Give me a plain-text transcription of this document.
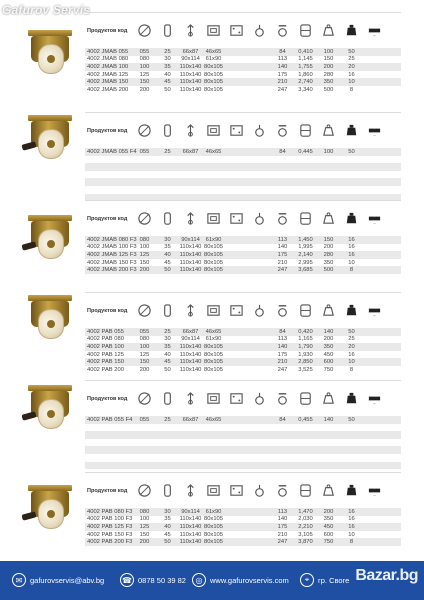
Gafurov Servis
Продуктов код
—
4002 JMAB 055	055	25	66x87	46x65	84	0,410	100	50
4002 JMAB 080	080	30	90x114 61x90	113	1,145	150	25
4002 JMAB 100	100	35	110x140 80x105	140	1,755	200	20
4002 JMAB 125	125	40	110x140 80x105	175	1,860	280	16
4002 JMAB 150	150	45	110x140 80x105	210	2,740	350	10
4002 JMAB 200	200	50	110x140 80x105	247	3,340	500	8
Продуктов код
—
4002 JMAB 055 F4 055	25	66x87	46x65	84	0,445	100	50
Продуктов код
—
4002 JMAB 080 F3 080	30	90x114 61x90	113	1,450	150	16
4002 JMAB 100 F3 100	35	110x140 80x105	140	1,995	200	16
4002 JMAB 125 F3 125	40	110x140 80x105	175	2,140	280	16
4002 JMAB 150 F3 150	45	110x140 80x105	210	2,995	350	10
4002 JMAB 200 F3 200	50	110x140 80x105	247	3,685	500	8
Продуктов код
—
4002 PAB 055	055	25	66x87	46x65	84	0,420	140	50
4002 PAB 080	080	30	90x114 61x90	113	1,165	200	25
4002 PAB 100	100	35	110x140 80x105	140	1,790	350	20
4002 PAB 125	125	40	110x140 80x105	175	1,930	450	16
4002 PAB 150	150	45	110x140 80x105	210	2,850	600	10
4002 PAB 200	200	50	110x140 80x105	247	3,525	750	8
Продуктов код
—
4002 PAB 055 F4	055	25	66x87	46x65	84	0,455	140	50
Продуктов код
—
4002 PAB 080 F3	080	30	90x114 61x90	113	1,470	200	16
4002 PAB 100 F3	100	35	110x140 80x105	140	2,030	350	16
4002 PAB 125 F3	125	40	110x140 80x105	175	2,210	450	16
4002 PAB 150 F3	150	45	110x140 80x105	210	3,105	600	10
4002 PAB 200 F3	200	50	110x140 80x105	247	3,870	750	8
✉	gafurovservis@abv.bg ☎ 0878 50 39 82	◎	www.gafurovservis.com	⌖	гр. Своге Bazar.bg
